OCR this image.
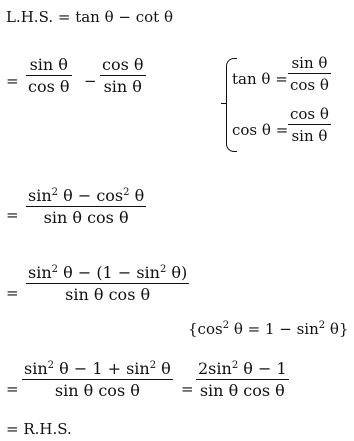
L.H.S. = tan θ − cot θ
=
sin θ
cos θ −
cos θ
sin θ	tan θ =
sin θ
cos θ
cos θ =
cos θ
sin θ
=
$\sin^2 \theta - \cos^2 \theta$
sin θ cos θ
=
$\sin^2 \theta - (1 - \sin^2 \theta)$
sin θ cos θ
{$\cos^2$ $\theta = 1 - \sin^2 \theta$}
=
$\sin^2 \theta - 1 + \sin^2 \theta$
sin θ cos θ	=
$2\sin^2$ θ − 1
sin θ cos θ
= R.H.S.
